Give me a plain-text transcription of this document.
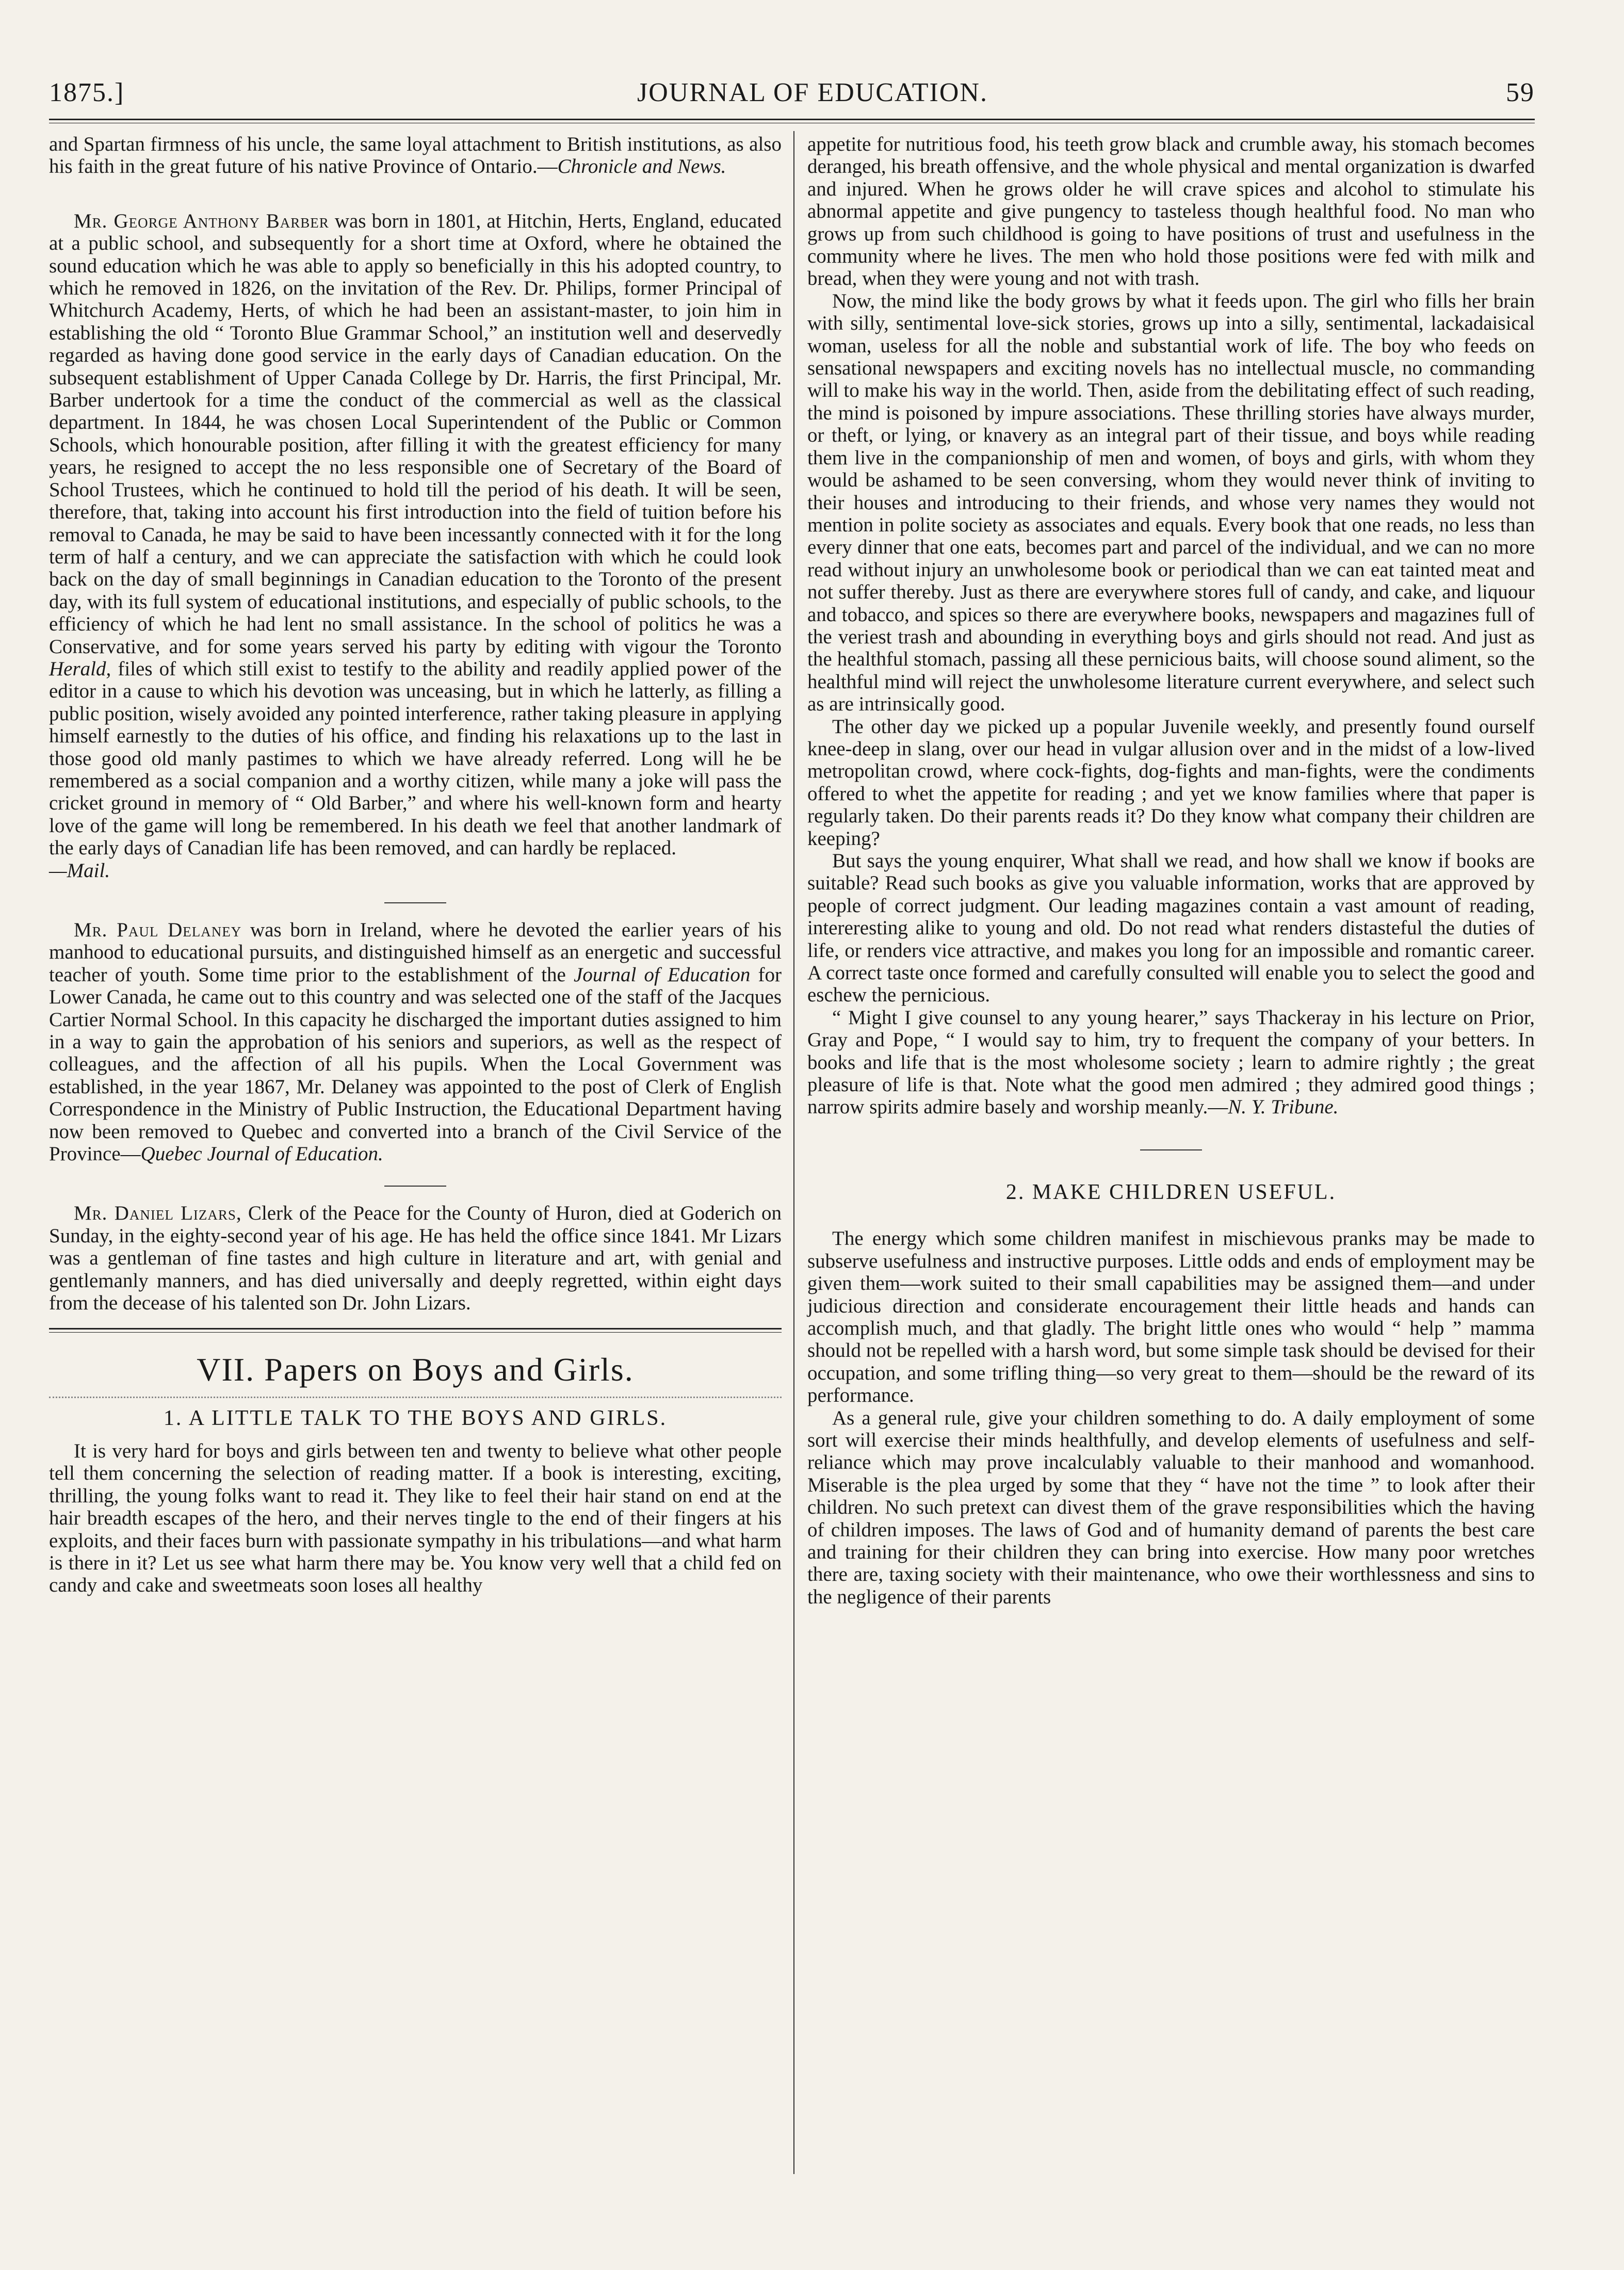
1875.]	JOURNAL OF EDUCATION.	59

and Spartan firmness of his uncle, the same loyal attachment to British institutions, as also his faith in the great future of his native Province of Ontario.—Chronicle and News.

Mr. George Anthony Barber was born in 1801, at Hitchin, Herts, England, educated at a public school, and subsequently for a short time at Oxford, where he obtained the sound education which he was able to apply so beneficially in this his adopted country, to which he removed in 1826, on the invitation of the Rev. Dr. Philips, former Principal of Whitchurch Academy, Herts, of which he had been an assistant-master, to join him in establishing the old “ Toronto Blue Grammar School,” an institution well and deservedly regarded as having done good service in the early days of Canadian education. On the subsequent establishment of Upper Canada College by Dr. Harris, the first Principal, Mr. Barber undertook for a time the conduct of the commercial as well as the classical department. In 1844, he was chosen Local Superintendent of the Public or Common Schools, which honourable position, after filling it with the greatest efficiency for many years, he resigned to accept the no less responsible one of Secretary of the Board of School Trustees, which he continued to hold till the period of his death. It will be seen, therefore, that, taking into account his first introduction into the field of tuition before his removal to Canada, he may be said to have been incessantly connected with it for the long term of half a century, and we can appreciate the satisfaction with which he could look back on the day of small beginnings in Canadian education to the Toronto of the present day, with its full system of educational institutions, and especially of public schools, to the efficiency of which he had lent no small assistance. In the school of politics he was a Conservative, and for some years served his party by editing with vigour the Toronto Herald, files of which still exist to testify to the ability and readily applied power of the editor in a cause to which his devotion was unceasing, but in which he latterly, as filling a public position, wisely avoided any pointed interference, rather taking pleasure in applying himself earnestly to the duties of his office, and finding his relaxations up to the last in those good old manly pastimes to which we have already referred. Long will he be remembered as a social companion and a worthy citizen, while many a joke will pass the cricket ground in memory of “ Old Barber,” and where his well-known form and hearty love of the game will long be remembered. In his death we feel that another landmark of the early days of Canadian life has been removed, and can hardly be replaced.

—Mail.

Mr. Paul Delaney was born in Ireland, where he devoted the earlier years of his manhood to educational pursuits, and distinguished himself as an energetic and successful teacher of youth. Some time prior to the establishment of the Journal of Education for Lower Canada, he came out to this country and was selected one of the staff of the Jacques Cartier Normal School. In this capacity he discharged the important duties assigned to him in a way to gain the approbation of his seniors and superiors, as well as the respect of colleagues, and the affection of all his pupils. When the Local Government was established, in the year 1867, Mr. Delaney was appointed to the post of Clerk of English Correspondence in the Ministry of Public Instruction, the Educational Department having now been removed to Quebec and converted into a branch of the Civil Service of the Province—Quebec Journal of Education.

Mr. Daniel Lizars, Clerk of the Peace for the County of Huron, died at Goderich on Sunday, in the eighty-second year of his age. He has held the office since 1841. Mr Lizars was a gentleman of fine tastes and high culture in literature and art, with genial and gentlemanly manners, and has died universally and deeply regretted, within eight days from the decease of his talented son Dr. John Lizars.

VII. Papers on Boys and Girls.
1. A LITTLE TALK TO THE BOYS AND GIRLS.

It is very hard for boys and girls between ten and twenty to believe what other people tell them concerning the selection of reading matter. If a book is interesting, exciting, thrilling, the young folks want to read it. They like to feel their hair stand on end at the hair breadth escapes of the hero, and their nerves tingle to the end of their fingers at his exploits, and their faces burn with passionate sympathy in his tribulations—and what harm is there in it? Let us see what harm there may be. You know very well that a child fed on candy and cake and sweetmeats soon loses all healthy

appetite for nutritious food, his teeth grow black and crumble away, his stomach becomes deranged, his breath offensive, and the whole physical and mental organization is dwarfed and injured. When he grows older he will crave spices and alcohol to stimulate his abnormal appetite and give pungency to tasteless though healthful food. No man who grows up from such childhood is going to have positions of trust and usefulness in the community where he lives. The men who hold those positions were fed with milk and bread, when they were young and not with trash.

Now, the mind like the body grows by what it feeds upon. The girl who fills her brain with silly, sentimental love-sick stories, grows up into a silly, sentimental, lackadaisical woman, useless for all the noble and substantial work of life. The boy who feeds on sensational newspapers and exciting novels has no intellectual muscle, no commanding will to make his way in the world. Then, aside from the debilitating effect of such reading, the mind is poisoned by impure associations. These thrilling stories have always murder, or theft, or lying, or knavery as an integral part of their tissue, and boys while reading them live in the companionship of men and women, of boys and girls, with whom they would be ashamed to be seen conversing, whom they would never think of inviting to their houses and introducing to their friends, and whose very names they would not mention in polite society as associates and equals. Every book that one reads, no less than every dinner that one eats, becomes part and parcel of the individual, and we can no more read without injury an unwholesome book or periodical than we can eat tainted meat and not suffer thereby. Just as there are everywhere stores full of candy, and cake, and liquour and tobacco, and spices so there are everywhere books, newspapers and magazines full of the veriest trash and abounding in everything boys and girls should not read. And just as the healthful stomach, passing all these pernicious baits, will choose sound aliment, so the healthful mind will reject the unwholesome literature current everywhere, and select such as are intrinsically good.

The other day we picked up a popular Juvenile weekly, and presently found ourself knee-deep in slang, over our head in vulgar allusion over and in the midst of a low-lived metropolitan crowd, where cock-fights, dog-fights and man-fights, were the condiments offered to whet the appetite for reading ; and yet we know families where that paper is regularly taken. Do their parents reads it? Do they know what company their children are keeping?

But says the young enquirer, What shall we read, and how shall we know if books are suitable? Read such books as give you valuable information, works that are approved by people of correct judgment. Our leading magazines contain a vast amount of reading, intereresting alike to young and old. Do not read what renders distasteful the duties of life, or renders vice attractive, and makes you long for an impossible and romantic career. A correct taste once formed and carefully consulted will enable you to select the good and eschew the pernicious.

“ Might I give counsel to any young hearer,” says Thackeray in his lecture on Prior, Gray and Pope, “ I would say to him, try to frequent the company of your betters. In books and life that is the most wholesome society ; learn to admire rightly ; the great pleasure of life is that. Note what the good men admired ; they admired good things ; narrow spirits admire basely and worship meanly.—N. Y. Tribune.

2. MAKE CHILDREN USEFUL.

The energy which some children manifest in mischievous pranks may be made to subserve usefulness and instructive purposes. Little odds and ends of employment may be given them—work suited to their small capabilities may be assigned them—and under judicious direction and considerate encouragement their little heads and hands can accomplish much, and that gladly. The bright little ones who would “ help ” mamma should not be repelled with a harsh word, but some simple task should be devised for their occupation, and some trifling thing—so very great to them—should be the reward of its performance.

As a general rule, give your children something to do. A daily employment of some sort will exercise their minds healthfully, and develop elements of usefulness and self-reliance which may prove incalculably valuable to their manhood and womanhood. Miserable is the plea urged by some that they “ have not the time ” to look after their children. No such pretext can divest them of the grave responsibilities which the having of children imposes. The laws of God and of humanity demand of parents the best care and training for their children they can bring into exercise. How many poor wretches there are, taxing society with their maintenance, who owe their worthlessness and sins to the negligence of their parents
